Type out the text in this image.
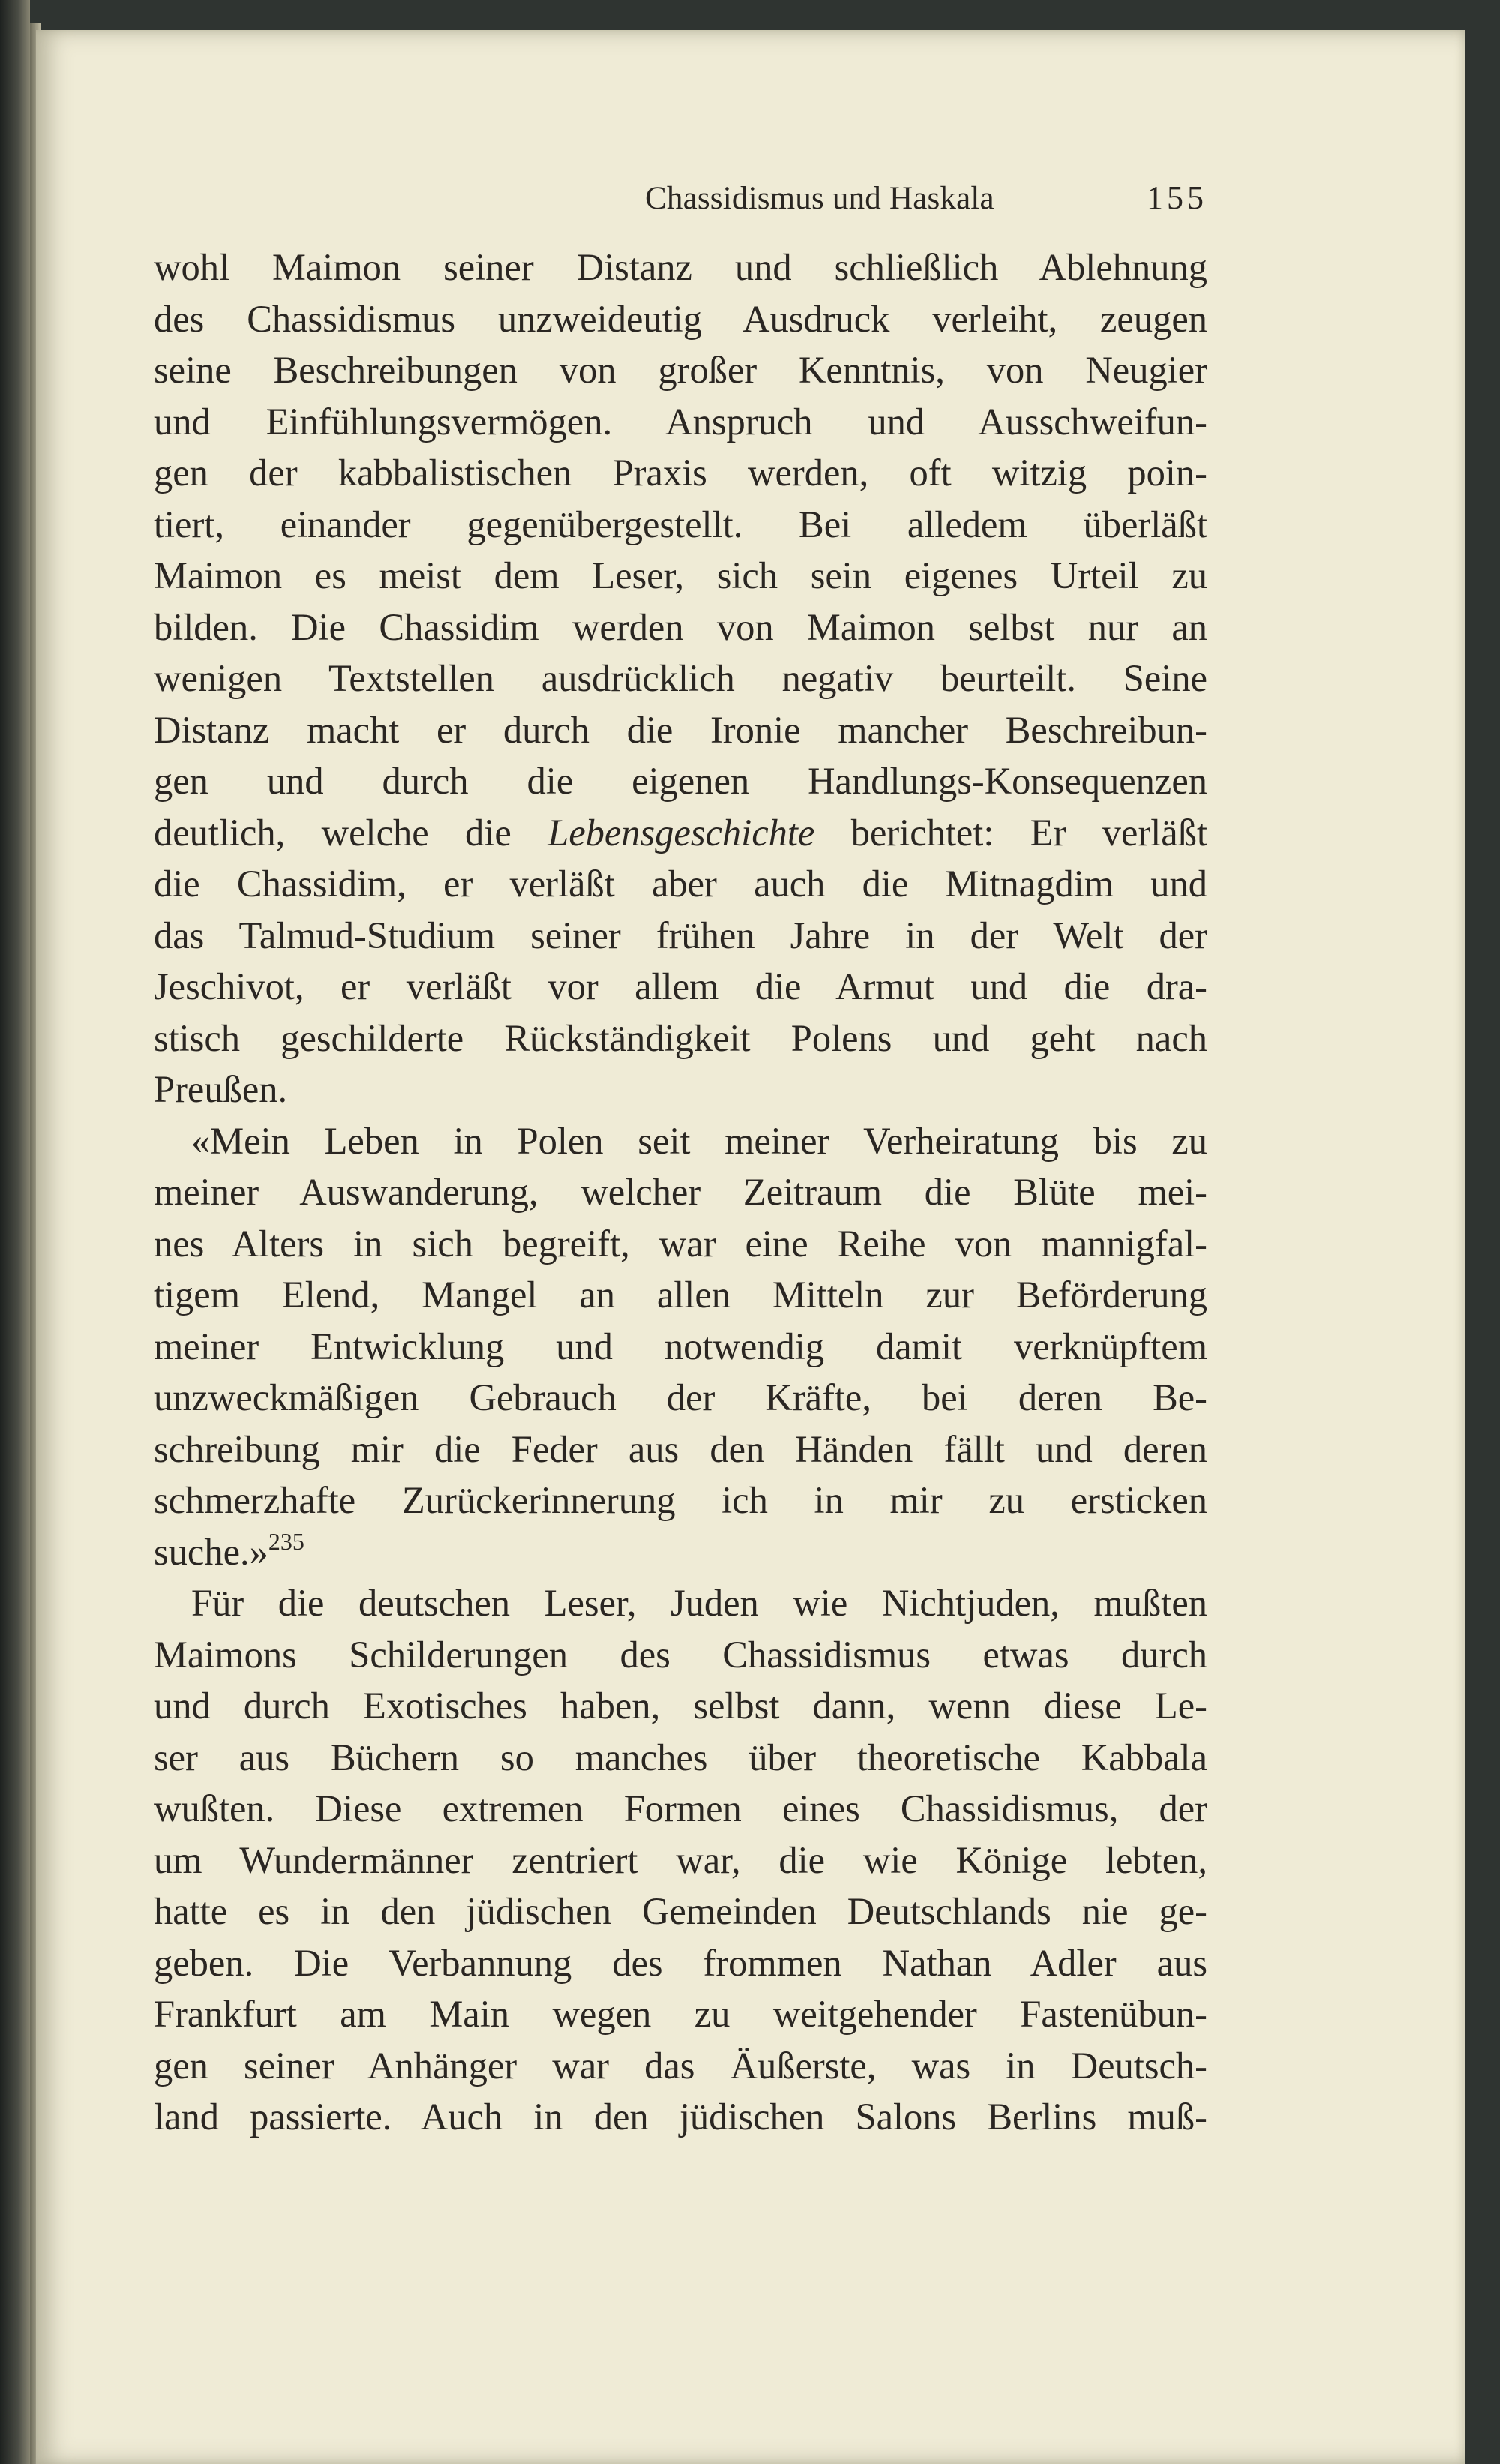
Chassidismus und Haskala	155
wohl Maimon seiner Distanz und schließlich Ablehnung
des Chassidismus unzweideutig Ausdruck verleiht, zeugen
seine Beschreibungen von großer Kenntnis, von Neugier
und Einfühlungsvermögen. Anspruch und Ausschweifun-
gen der kabbalistischen Praxis werden, oft witzig poin-
tiert, einander gegenübergestellt. Bei alledem überläßt
Maimon es meist dem Leser, sich sein eigenes Urteil zu
bilden. Die Chassidim werden von Maimon selbst nur an
wenigen Textstellen ausdrücklich negativ beurteilt. Seine
Distanz macht er durch die Ironie mancher Beschreibun-
gen und durch die eigenen Handlungs-Konsequenzen
deutlich, welche die Lebensgeschichte berichtet: Er verläßt
die Chassidim, er verläßt aber auch die Mitnagdim und
das Talmud-Studium seiner frühen Jahre in der Welt der
Jeschivot, er verläßt vor allem die Armut und die dra-
stisch geschilderte Rückständigkeit Polens und geht nach
Preußen.
«Mein Leben in Polen seit meiner Verheiratung bis zu
meiner Auswanderung, welcher Zeitraum die Blüte mei-
nes Alters in sich begreift, war eine Reihe von mannigfal-
tigem Elend, Mangel an allen Mitteln zur Beförderung
meiner Entwicklung und notwendig damit verknüpftem
unzweckmäßigen Gebrauch der Kräfte, bei deren Be-
schreibung mir die Feder aus den Händen fällt und deren
schmerzhafte Zurückerinnerung ich in mir zu ersticken
suche.»$^{235}$
Für die deutschen Leser, Juden wie Nichtjuden, mußten
Maimons Schilderungen des Chassidismus etwas durch
und durch Exotisches haben, selbst dann, wenn diese Le-
ser aus Büchern so manches über theoretische Kabbala
wußten. Diese extremen Formen eines Chassidismus, der
um Wundermänner zentriert war, die wie Könige lebten,
hatte es in den jüdischen Gemeinden Deutschlands nie ge-
geben. Die Verbannung des frommen Nathan Adler aus
Frankfurt am Main wegen zu weitgehender Fastenübun-
gen seiner Anhänger war das Äußerste, was in Deutsch-
land passierte. Auch in den jüdischen Salons Berlins muß-
